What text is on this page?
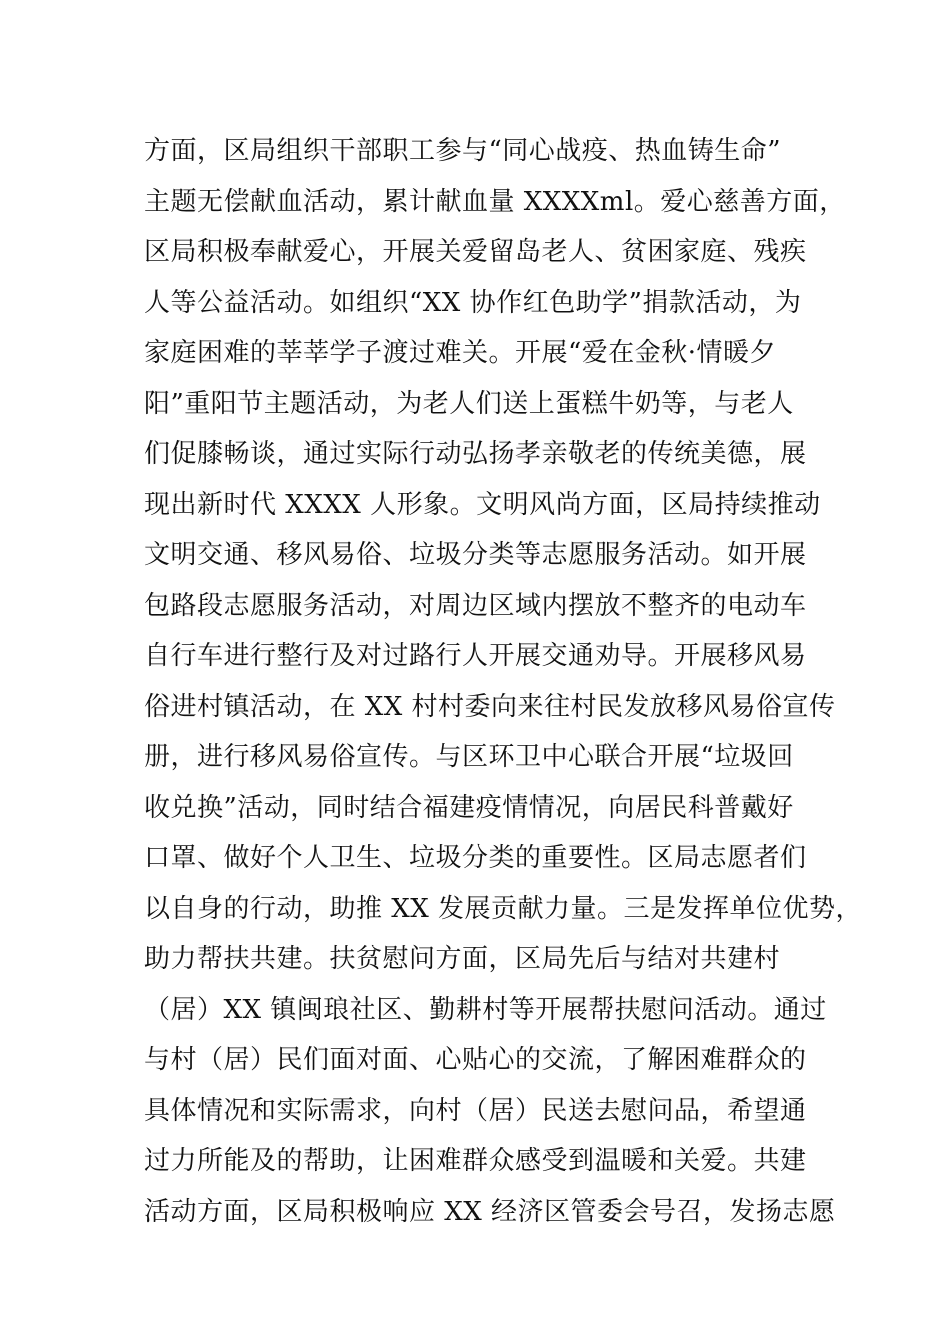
方面，区局组织干部职工参与“同心战疫、热血铸生命”
主题无偿献血活动，累计献血量 XXXXml。爱心慈善方面，
区局积极奉献爱心，开展关爱留岛老人、贫困家庭、残疾
人等公益活动。如组织“XX 协作红色助学”捐款活动，为
家庭困难的莘莘学子渡过难关。开展“爱在金秋·情暖夕
阳”重阳节主题活动，为老人们送上蛋糕牛奶等，与老人
们促膝畅谈，通过实际行动弘扬孝亲敬老的传统美德，展
现出新时代 XXXX 人形象。文明风尚方面，区局持续推动
文明交通、移风易俗、垃圾分类等志愿服务活动。如开展
包路段志愿服务活动，对周边区域内摆放不整齐的电动车
自行车进行整行及对过路行人开展交通劝导。开展移风易
俗进村镇活动，在 XX 村村委向来往村民发放移风易俗宣传
册，进行移风易俗宣传。与区环卫中心联合开展“垃圾回
收兑换”活动，同时结合福建疫情情况，向居民科普戴好
口罩、做好个人卫生、垃圾分类的重要性。区局志愿者们
以自身的行动，助推 XX 发展贡献力量。三是发挥单位优势，
助力帮扶共建。扶贫慰问方面，区局先后与结对共建村
（居）XX 镇闽琅社区、勤耕村等开展帮扶慰问活动。通过
与村（居）民们面对面、心贴心的交流，了解困难群众的
具体情况和实际需求，向村（居）民送去慰问品，希望通
过力所能及的帮助，让困难群众感受到温暖和关爱。共建
活动方面，区局积极响应 XX 经济区管委会号召，发扬志愿
